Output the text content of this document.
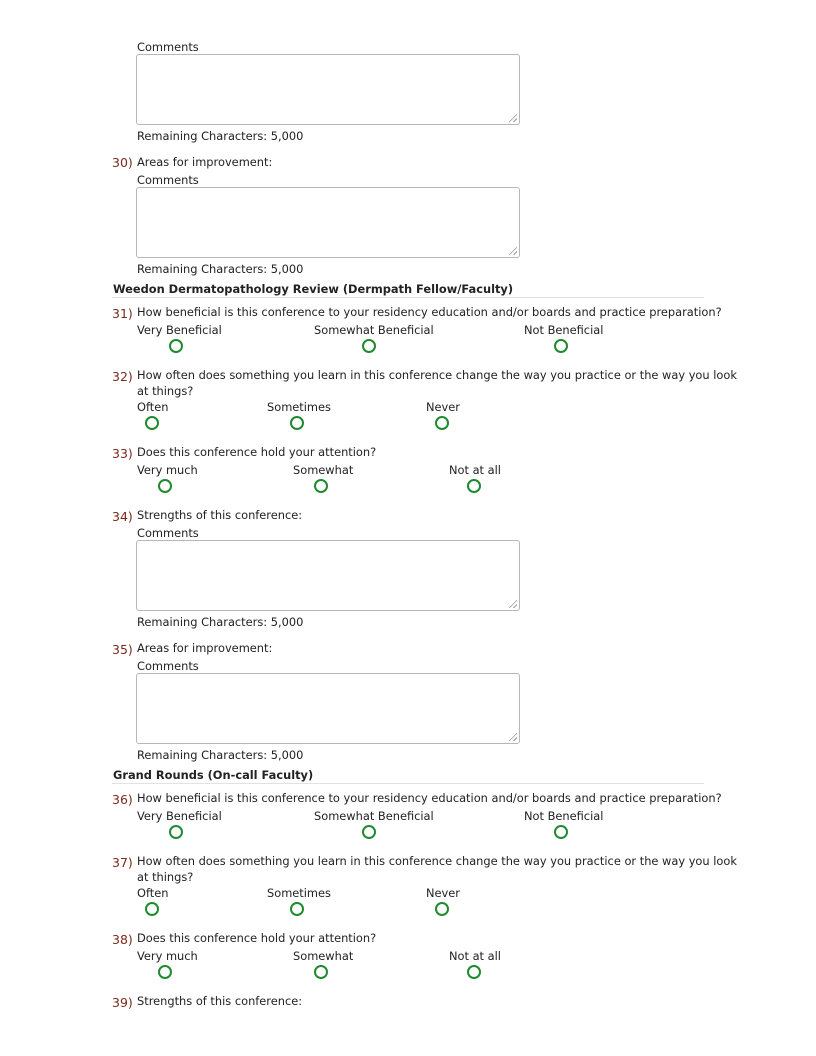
Comments
Remaining Characters: 5,000
30) Areas for improvement:
Comments
Remaining Characters: 5,000
Weedon Dermatopathology Review (Dermpath Fellow/Faculty)
31) How beneficial is this conference to your residency education and/or boards and practice preparation?
Very Beneficial	Somewhat Beneficial	Not Beneficial
32) How often does something you learn in this conference change the way you practice or the way you look
at things?
Often	Sometimes	Never
33) Does this conference hold your attention?
Very much	Somewhat	Not at all
34) Strengths of this conference:
Comments
Remaining Characters: 5,000
35) Areas for improvement:
Comments
Remaining Characters: 5,000
Grand Rounds (On-call Faculty)
36) How beneficial is this conference to your residency education and/or boards and practice preparation?
Very Beneficial	Somewhat Beneficial	Not Beneficial
37) How often does something you learn in this conference change the way you practice or the way you look
at things?
Often	Sometimes	Never
38) Does this conference hold your attention?
Very much	Somewhat	Not at all
39) Strengths of this conference:
